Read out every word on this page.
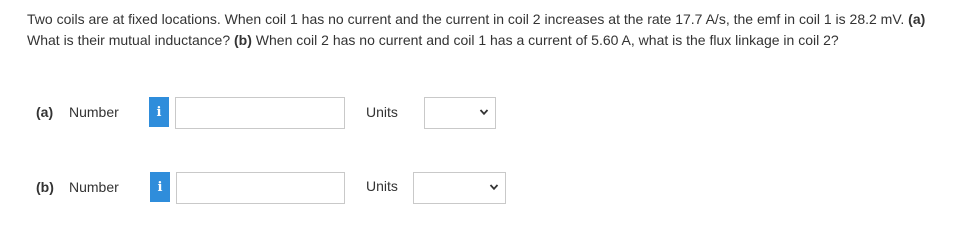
Two coils are at fixed locations. When coil 1 has no current and the current in coil 2 increases at the rate 17.7 A/s, the emf in coil 1 is 28.2 mV. (a) What is their mutual inductance? (b) When coil 2 has no current and coil 1 has a current of 5.60 A, what is the flux linkage in coil 2?
(a) Number	i	Units
(b) Number	i	Units
